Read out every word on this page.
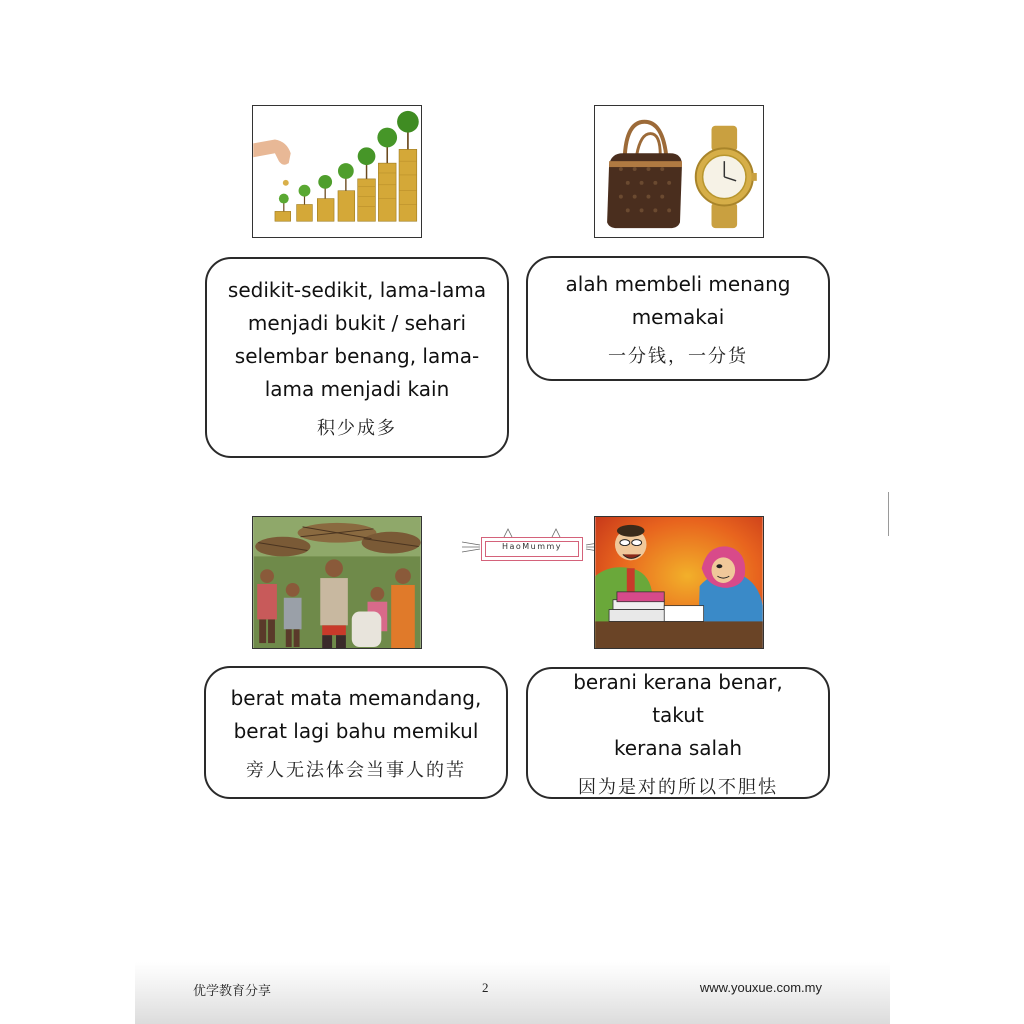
sedikit-sedikit, lama-lama
menjadi bukit / sehari
selembar benang, lama-
lama menjadi kain
积少成多
alah membeli menang
memakai
一分钱，一分货
HaoMummy
berat mata memandang,
berat lagi bahu memikul
旁人无法体会当事人的苦
berani kerana benar, takut
kerana salah
因为是对的所以不胆怯
优学教育分享	2	www.youxue.com.my
